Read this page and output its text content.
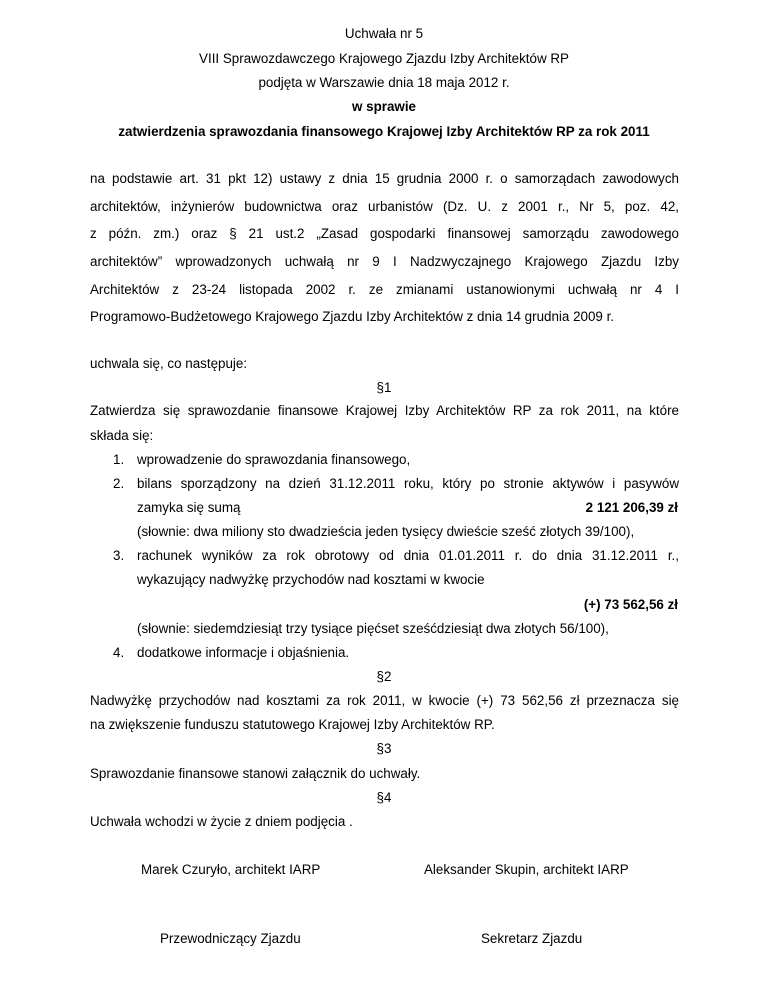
Uchwała nr 5
VIII Sprawozdawczego Krajowego Zjazdu Izby Architektów RP
podjęta w Warszawie dnia 18 maja 2012 r.
w sprawie
zatwierdzenia sprawozdania finansowego Krajowej Izby Architektów RP za rok 2011
na podstawie art. 31 pkt 12) ustawy z dnia 15 grudnia 2000 r. o samorządach zawodowych
architektów, inżynierów budownictwa oraz urbanistów (Dz. U. z 2001 r., Nr 5, poz. 42,
z późn. zm.) oraz § 21 ust.2 „Zasad gospodarki finansowej samorządu zawodowego
architektów” wprowadzonych uchwałą nr 9 I Nadzwyczajnego Krajowego Zjazdu Izby
Architektów z 23-24 listopada 2002 r. ze zmianami ustanowionymi uchwałą nr 4 I
Programowo-Budżetowego Krajowego Zjazdu Izby Architektów z dnia 14 grudnia 2009 r.
uchwala się, co następuje:
§1
Zatwierdza się sprawozdanie finansowe Krajowej Izby Architektów RP za rok 2011, na które
składa się:
1. wprowadzenie do sprawozdania finansowego,
2. bilans sporządzony na dzień 31.12.2011 roku, który po stronie aktywów i pasywów
zamyka się sumą	2 121 206,39 zł
(słownie: dwa miliony sto dwadzieścia jeden tysięcy dwieście sześć złotych 39/100),
3. rachunek wyników za rok obrotowy od dnia 01.01.2011 r. do dnia 31.12.2011 r.,
wykazujący nadwyżkę przychodów nad kosztami w kwocie
(+) 73 562,56 zł
(słownie: siedemdziesiąt trzy tysiące pięćset sześćdziesiąt dwa złotych 56/100),
4. dodatkowe informacje i objaśnienia.
§2
Nadwyżkę przychodów nad kosztami za rok 2011, w kwocie (+) 73 562,56 zł przeznacza się
na zwiększenie funduszu statutowego Krajowej Izby Architektów RP.
§3
Sprawozdanie finansowe stanowi załącznik do uchwały.
§4
Uchwała wchodzi w życie z dniem podjęcia .
Marek Czuryło, architekt IARP	Aleksander Skupin, architekt IARP
Przewodniczący Zjazdu	Sekretarz Zjazdu
